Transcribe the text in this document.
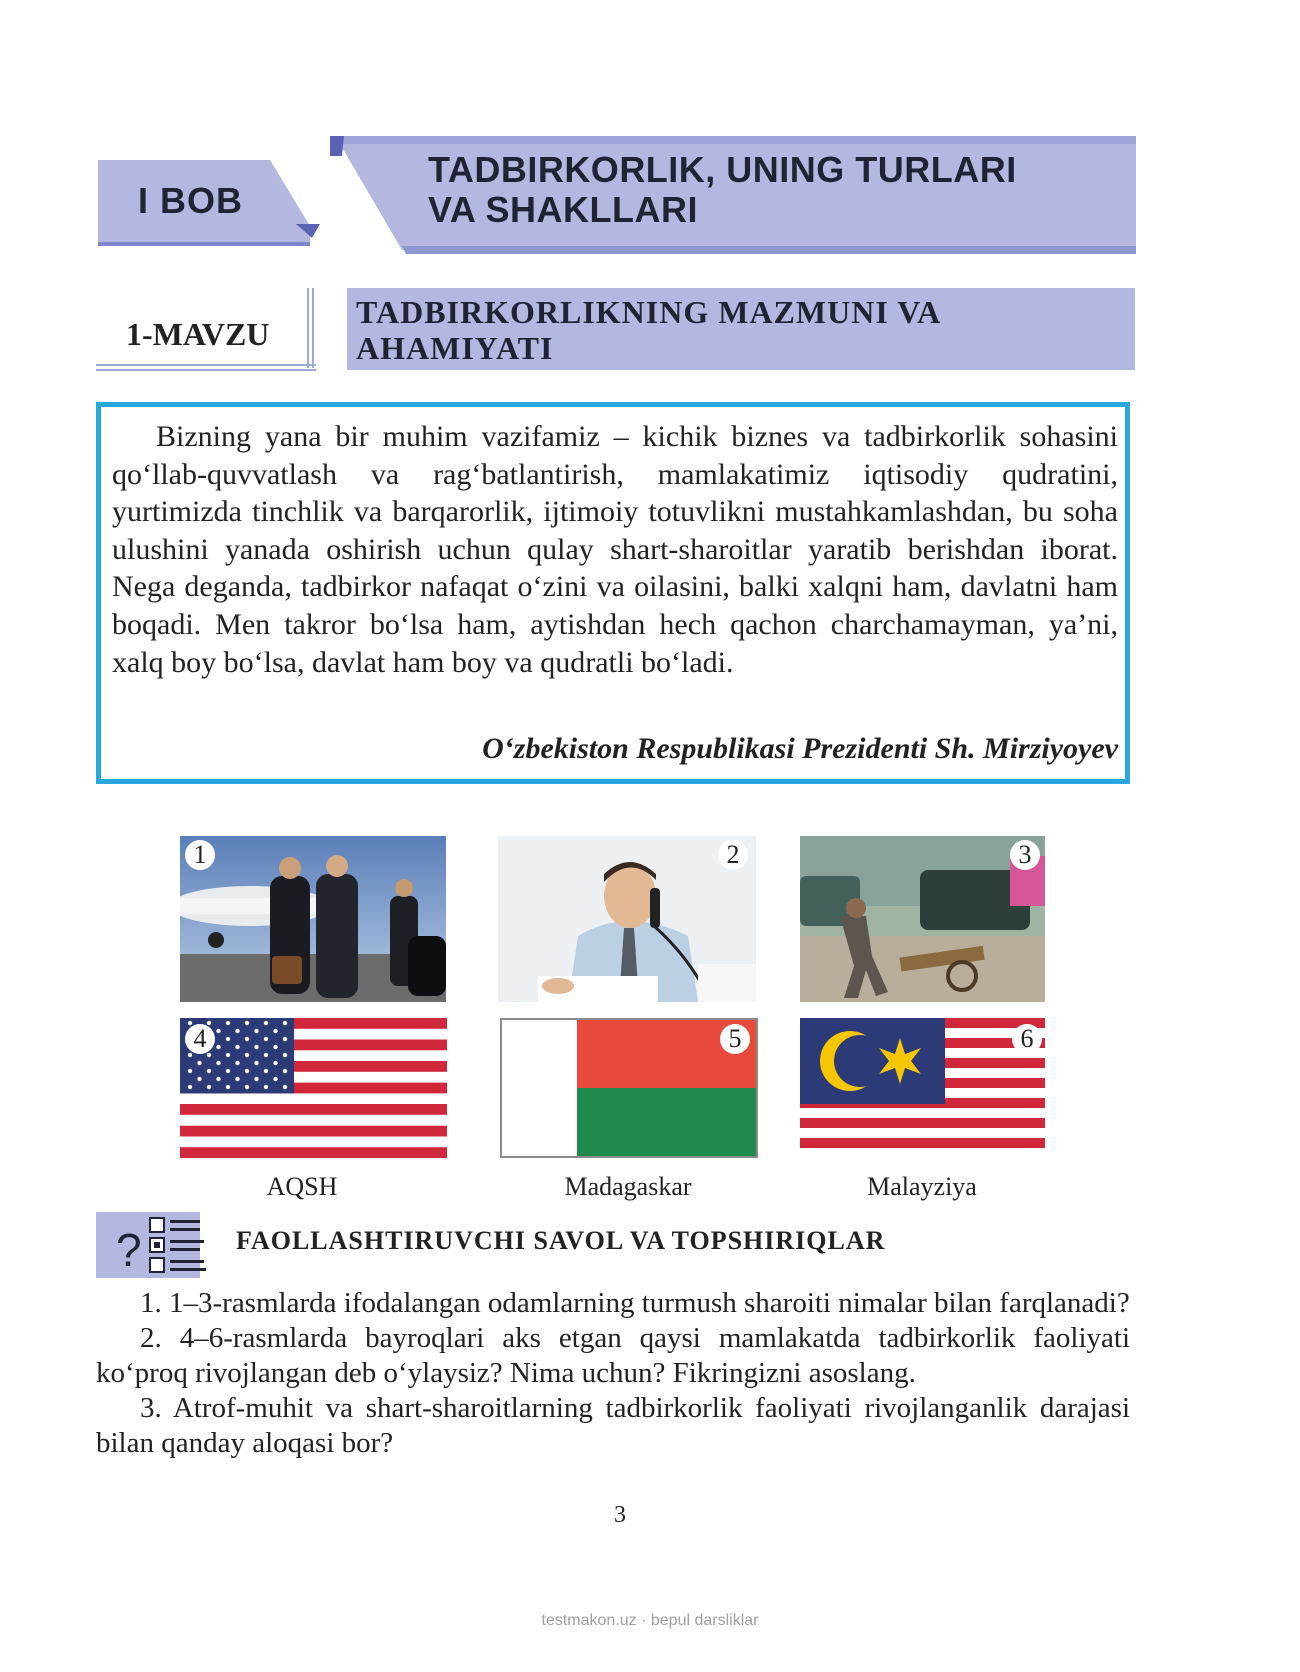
I BOB
TADBIRKORLIK, UNING TURLARI
VA SHAKLLARI
1-MAVZU
TADBIRKORLIKNING MAZMUNI VA
AHAMIYATI
Bizning yana bir muhim vazifamiz – kichik biznes va tadbirkorlik sohasini qo‘llab-quvvatlash va rag‘batlantirish, mamlakatimiz iqtisodiy qudratini, yurtimizda tinchlik va barqarorlik, ijtimoiy totuvlikni mustahkamlashdan, bu soha ulushini yanada oshirish uchun qulay shart-sharoitlar yaratib berishdan iborat. Nega deganda, tadbirkor nafaqat o‘zini va oilasini, balki xalqni ham, davlatni ham boqadi. Men takror bo‘lsa ham, aytishdan hech qachon charchamayman, ya’ni, xalq boy bo‘lsa, davlat ham boy va qudratli bo‘ladi.
O‘zbekiston Respublikasi Prezidenti Sh. Mirziyoyev
1	2	3
4	5	6
AQSH	Madagaskar	Malayziya
?	FAOLLASHTIRUVCHI SAVOL VA TOPSHIRIQLAR

1. 1–3-rasmlarda ifodalangan odamlarning turmush sharoiti nimalar bilan farqlanadi?

2. 4–6-rasmlarda bayroqlari aks etgan qaysi mamlakatda tadbirkorlik faoliyati ko‘proq rivojlangan deb o‘ylaysiz? Nima uchun? Fikringizni asoslang.

3. Atrof-muhit va shart-sharoitlarning tadbirkorlik faoliyati rivojlanganlik darajasi bilan qanday aloqasi bor?

3
testmakon.uz · bepul darsliklar
